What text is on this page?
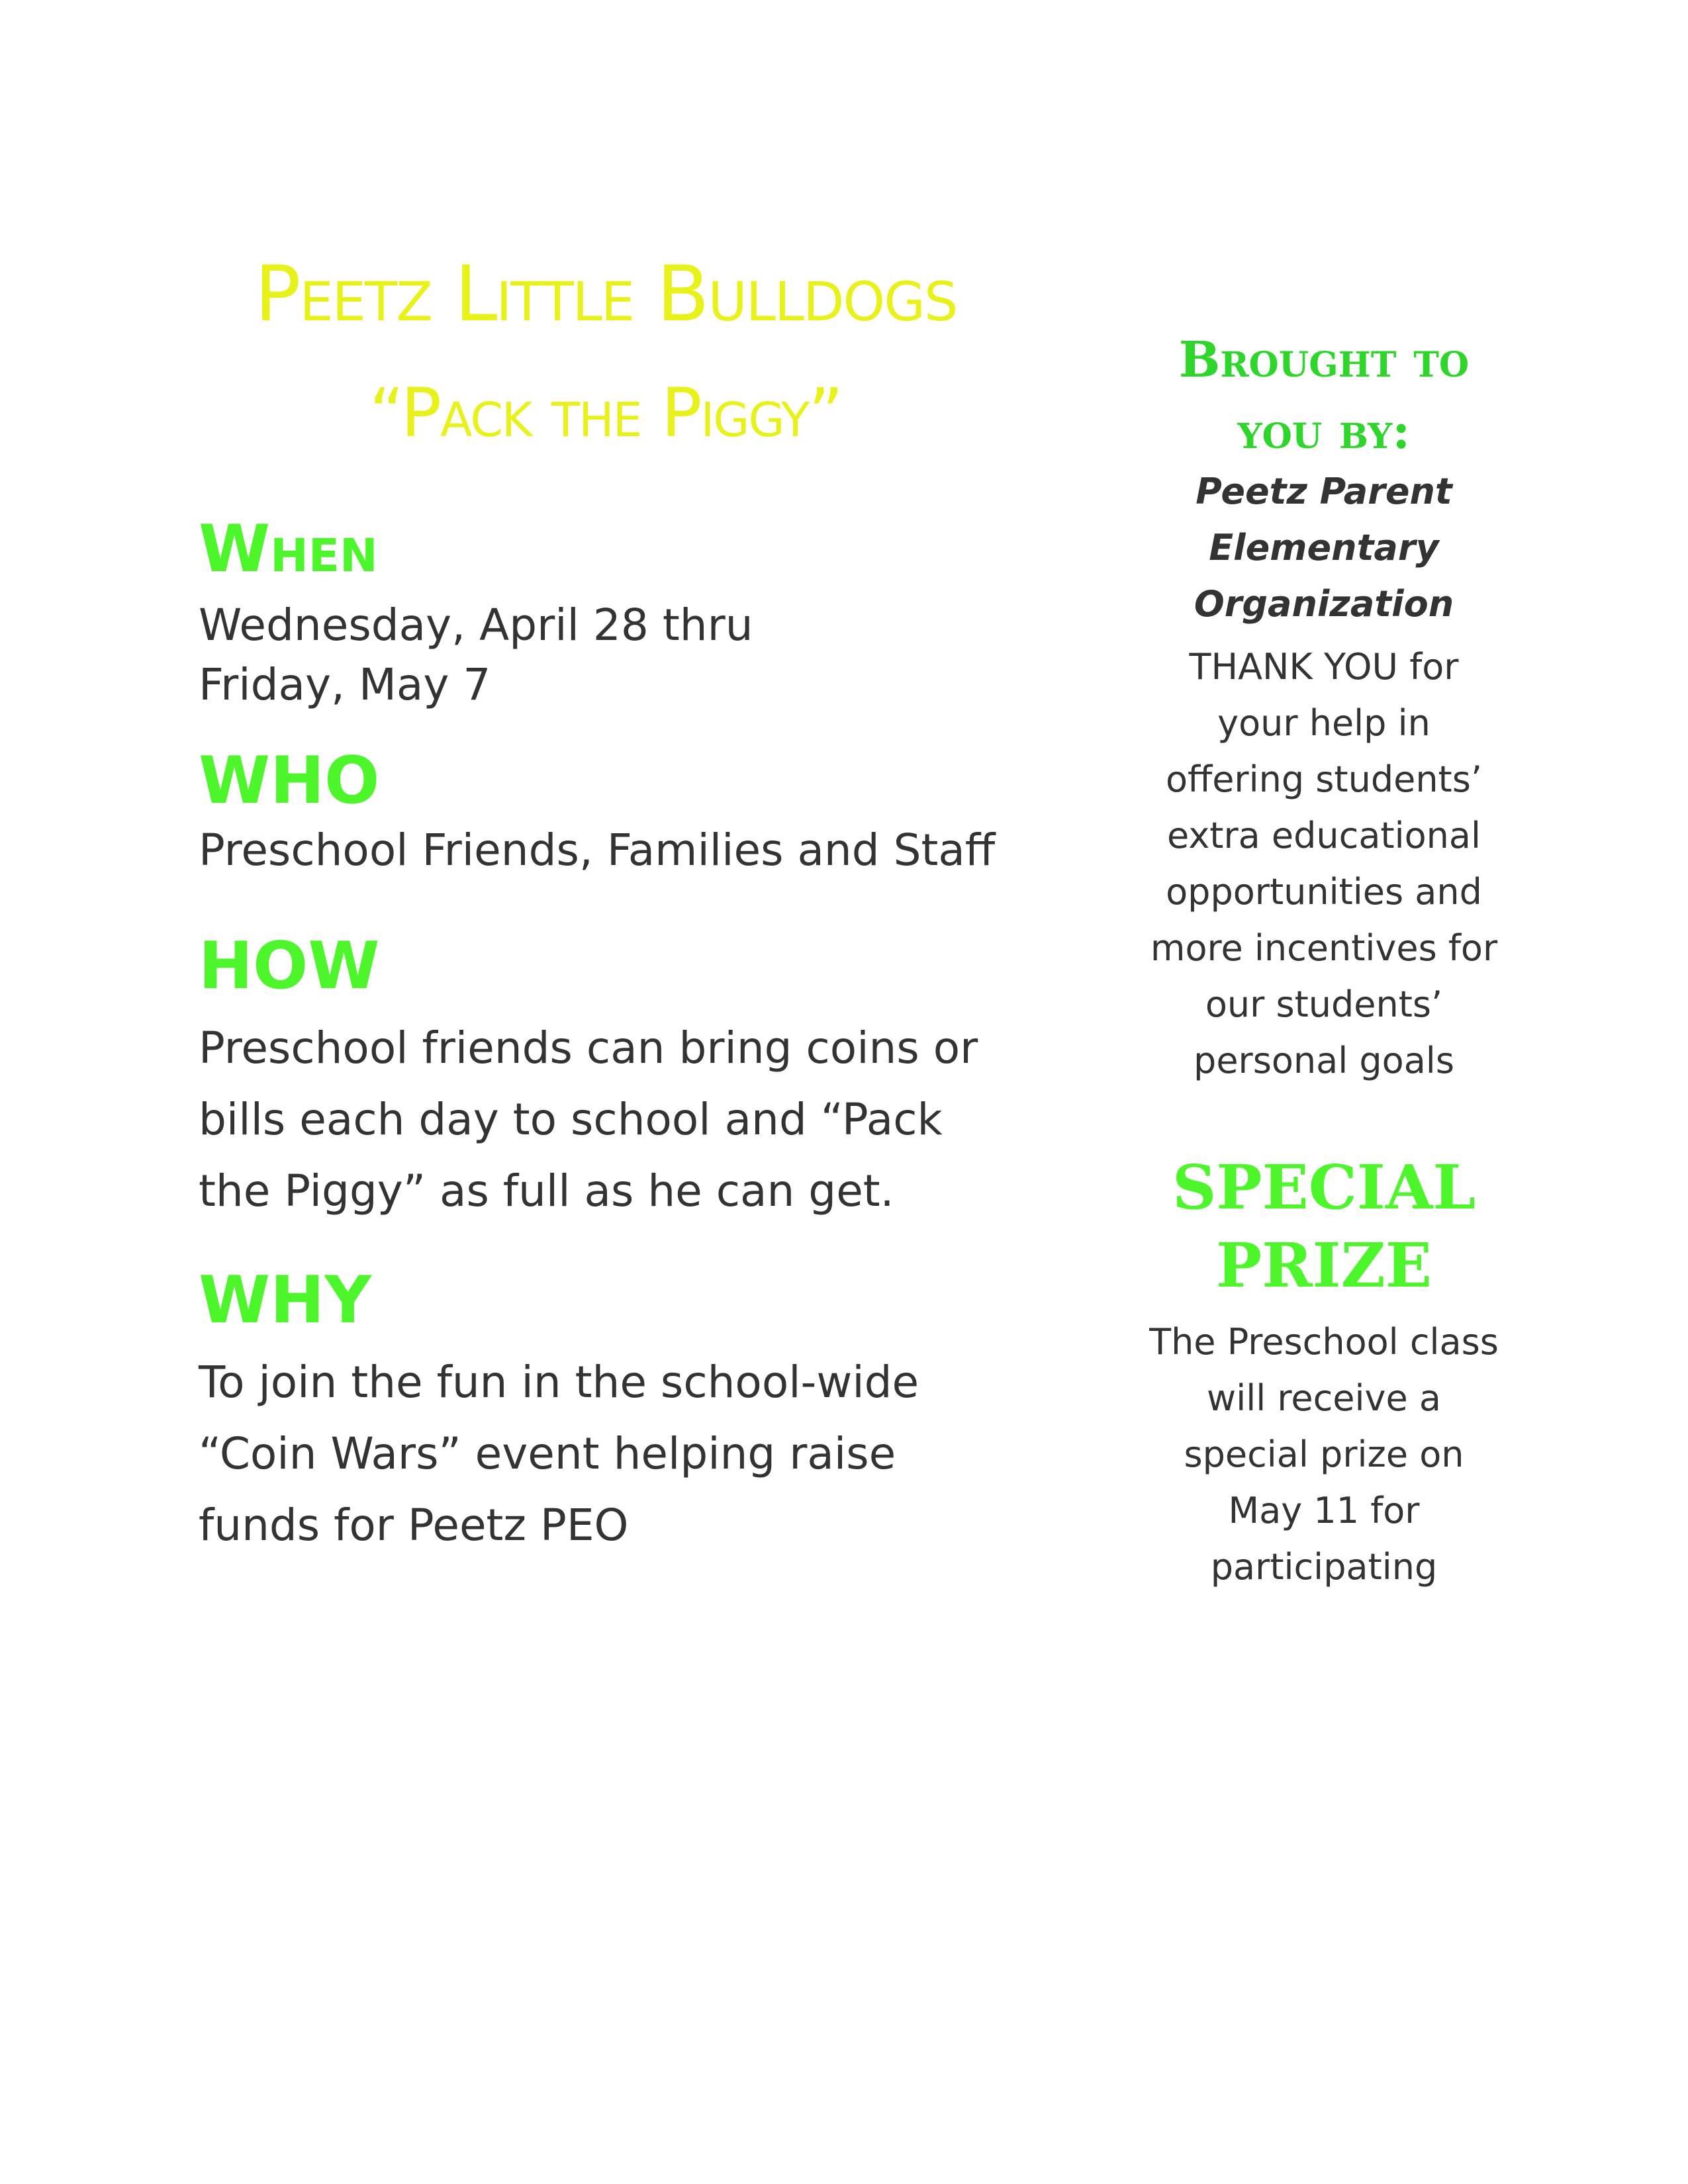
Peetz Little Bulldogs
“Pack the Piggy”
When
Wednesday, April 28 thru
Friday, May 7
WHO
Preschool Friends, Families and Staff
HOW
Preschool friends can bring coins or
bills each day to school and “Pack
the Piggy” as full as he can get.
WHY
To join the fun in the school-wide
“Coin Wars” event helping raise
funds for Peetz PEO
Brought to
you by:
Peetz Parent
Elementary
Organization
THANK YOU for
your help in
offering students’
extra educational
opportunities and
more incentives for
our students’
personal goals
SPECIAL
PRIZE
The Preschool class
will receive a
special prize on
May 11 for
participating
